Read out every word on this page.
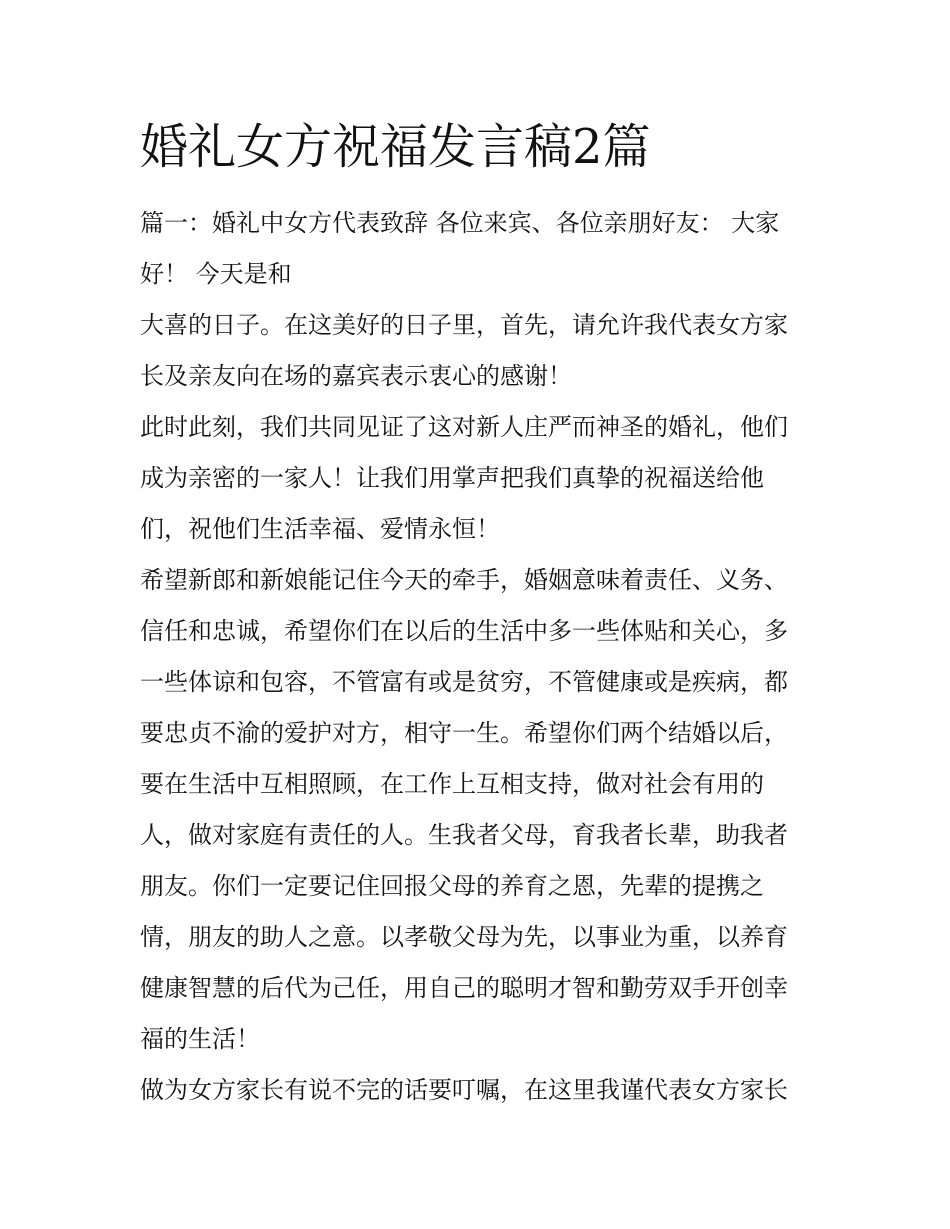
婚礼女方祝福发言稿2篇
篇一：婚礼中女方代表致辞 各位来宾、各位亲朋好友： 大家
好！ 今天是和
大喜的日子。在这美好的日子里，首先，请允许我代表女方家
长及亲友向在场的嘉宾表示衷心的感谢！
此时此刻，我们共同见证了这对新人庄严而神圣的婚礼，他们
成为亲密的一家人！让我们用掌声把我们真挚的祝福送给他
们，祝他们生活幸福、爱情永恒！
希望新郎和新娘能记住今天的牵手，婚姻意味着责任、义务、
信任和忠诚，希望你们在以后的生活中多一些体贴和关心，多
一些体谅和包容，不管富有或是贫穷，不管健康或是疾病，都
要忠贞不渝的爱护对方，相守一生。希望你们两个结婚以后，
要在生活中互相照顾，在工作上互相支持，做对社会有用的
人，做对家庭有责任的人。生我者父母，育我者长辈，助我者
朋友。你们一定要记住回报父母的养育之恩，先辈的提携之
情，朋友的助人之意。以孝敬父母为先，以事业为重，以养育
健康智慧的后代为己任，用自己的聪明才智和勤劳双手开创幸
福的生活！
做为女方家长有说不完的话要叮嘱，在这里我谨代表女方家长
